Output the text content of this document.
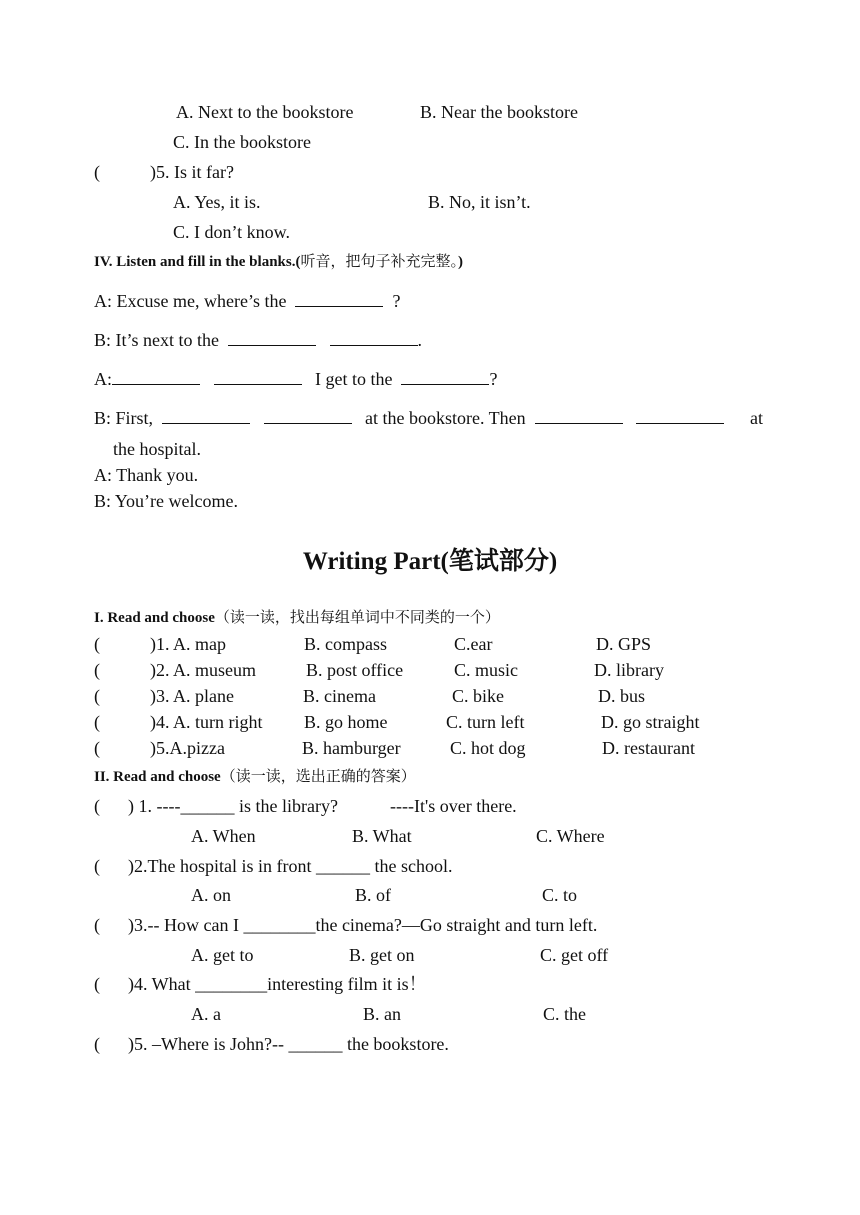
A. Next to the bookstore	B. Near the bookstore
C. In the bookstore
(	)5. Is it far?
A. Yes, it is.	B. No, it isn’t.
C. I don’t know.
IV. Listen and fill in the blanks.(听音，把句子补充完整。)
A: Excuse me, where’s the	?
B: It’s next to the	.
A:	I get to the	?
B: First,	at the bookstore. Then	at
the hospital.
A: Thank you.
B: You’re welcome.
Writing Part(笔试部分)
I. Read and choose（读一读，找出每组单词中不同类的一个）
(	)1. A. map	B. compass	C.ear	D. GPS
(	)2. A. museum	B. post office	C. music	D. library
(	)3. A. plane	B. cinema	C. bike	D. bus
(	)4. A. turn right B. go home	C. turn left	D. go straight
(	)5.A.pizza	B. hamburger	C. hot dog	D. restaurant
II. Read and choose（读一读，选出正确的答案）
( ) 1. ----______ is the library?	----It's over there.
A. When	B. What	C. Where
( )2.The hospital is in front ______ the school.
A. on	B. of	C. to
( )3.-- How can I ________the cinema?—Go straight and turn left.
A. get to	B. get on	C. get off
( )4. What ________interesting film it is！
A. a	B. an	C. the
( )5. –Where is John?-- ______ the bookstore.
